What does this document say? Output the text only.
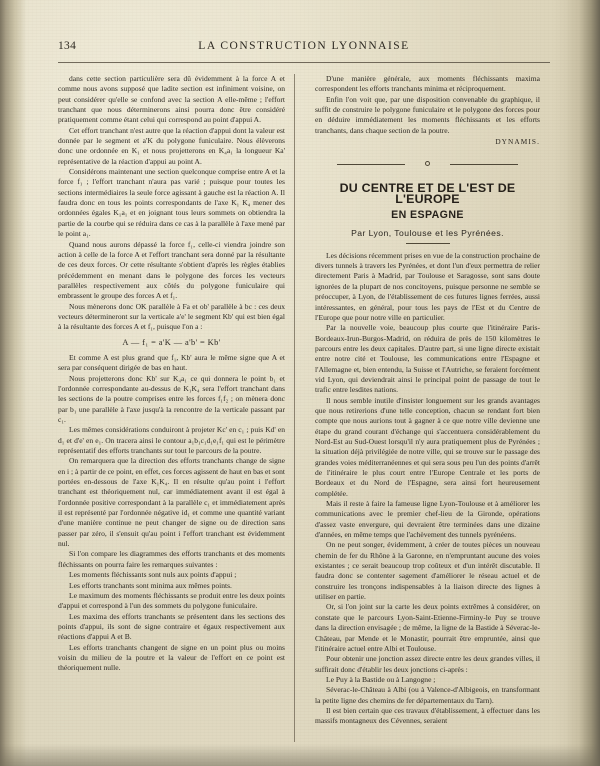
134	LA CONSTRUCTION LYONNAISE

dans cette section particulière sera dû évidemment à la force A et comme nous avons supposé que ladite section est infiniment voisine, on peut considérer qu'elle se confond avec la section A elle-même ; l'effort tranchant que nous déterminerons ainsi pourra donc être considéré pratiquement comme étant celui qui correspond au point d'appui A.

Cet effort tranchant n'est autre que la réaction d'appui dont la valeur est donnée par le segment et a'K du polygone funiculaire. Nous élèverons donc une ordonnée en K₁ et nous projetterons en K₄a₁ la longueur Ka' représentative de la réaction d'appui au point A.

Considérons maintenant une section quelconque comprise entre A et la force f₁ ; l'effort tranchant n'aura pas varié ; puisque pour toutes les sections intermédiaires la seule force agissant à gauche est la réaction A. Il faudra donc en tous les points correspondants de l'axe K₁ K₄ mener des ordonnées égales K₁a₁ et en joignant tous leurs sommets on obtiendra la partie de la courbe qui se réduira dans ce cas à la parallèle à l'axe mené par le point a₁.

Quand nous aurons dépassé la force f₁, celle-ci viendra joindre son action à celle de la force A et l'effort tranchant sera donné par la résultante de ces deux forces. Or cette résultante s'obtient d'après les règles établies précédemment en menant dans le polygone des forces les vecteurs parallèles respectivement aux côtés du polygone funiculaire qui embrassent le groupe des forces A et f₁.

Nous mènerons donc OK parallèle à Fa et ob' parallèle à bc : ces deux vecteurs détermineront sur la verticale a'e' le segment Kb' qui est bien égal à la résultante des forces A et f₁, puisque l'on a :

A — f₁ = a'K — a'b' = Kb'

Et comme A est plus grand que f₁, Kb' aura le même signe que A et sera par conséquent dirigée de bas en haut.

Nous projetterons donc Kb' sur K₄a₁ ce qui donnera le point b₁ et l'ordonnée correspondante au-dessus de K₁K₄ sera l'effort tranchant dans les sections de la poutre comprises entre les forces f₁f₂ ; on mènera donc par b₁ une parallèle à l'axe jusqu'à la rencontre de la verticale passant par c₁.

Les mêmes considérations conduiront à projeter Kc' en c₁ ; puis Kd' en d₁ et d'e' en e₁. On tracera ainsi le contour a₁b₁c₁d₁e₁f₁ qui est le périmètre représentatif des efforts tranchants sur tout le parcours de la poutre.

On remarquera que la direction des efforts tranchants change de signe en i ; à partir de ce point, en effet, ces forces agissent de haut en bas et sont portées en-dessous de l'axe K₁K₄. Il en résulte qu'au point i l'effort tranchant est théoriquement nul, car immédiatement avant il est égal à l'ordonnée positive correspondant à la parallèle c₁ et immédiatement après il est représenté par l'ordonnée négative id₁ et comme une quantité variant d'une manière continue ne peut changer de signe ou de direction sans passer par zéro, il s'ensuit qu'au point i l'effort tranchant est évidemment nul.

Si l'on compare les diagrammes des efforts tranchants et des moments fléchissants on pourra faire les remarques suivantes :

Les moments fléchissants sont nuls aux points d'appui ;

Les efforts tranchants sont minima aux mêmes points.

Le maximum des moments fléchissants se produit entre les deux points d'appui et correspond à l'un des sommets du polygone funiculaire.

Les maxima des efforts tranchants se présentent dans les sections des points d'appui, ils sont de signe contraire et égaux respectivement aux réactions d'appui A et B.

Les efforts tranchants changent de signe en un point plus ou moins voisin du milieu de la poutre et la valeur de l'effort en ce point est théoriquement nulle.

D'une manière générale, aux moments fléchissants maxima correspondent les efforts tranchants minima et réciproquement.

Enfin l'on voit que, par une disposition convenable du graphique, il suffit de construire le polygone funiculaire et le polygone des forces pour en déduire immédiatement les moments fléchissants et les efforts tranchants, dans chaque section de la poutre.

DYNAMIS.

DU CENTRE ET DE L'EST DE L'EUROPE

EN ESPAGNE

Par Lyon, Toulouse et les Pyrénées.

Les décisions récemment prises en vue de la construction prochaine de divers tunnels à travers les Pyrénées, et dont l'un d'eux permettra de relier directement Paris à Madrid, par Toulouse et Saragosse, sont sans doute ignorées de la plupart de nos concitoyens, puisque personne ne semble se préoccuper, à Lyon, de l'établissement de ces futures lignes ferrées, aussi intéressantes, en général, pour tous les pays de l'Est et du Centre de l'Europe que pour notre ville en particulier.

Par la nouvelle voie, beaucoup plus courte que l'itinéraire Paris-Bordeaux-Irun-Burgos-Madrid, on réduira de près de 150 kilomètres le parcours entre les deux capitales. D'autre part, si une ligne directe existait entre notre cité et Toulouse, les communications entre l'Espagne et l'Allemagne et, bien entendu, la Suisse et l'Autriche, se feraient forcément vid Lyon, qui deviendrait ainsi le principal point de passage de tout le trafic entre lesdites nations.

Il nous semble inutile d'insister longuement sur les grands avantages que nous retirerions d'une telle conception, chacun se rendant fort bien compte que nous aurions tout à gagner à ce que notre ville devienne une étape du grand courant d'échange qui s'accentuera considérablement du Nord-Est au Sud-Ouest lorsqu'il n'y aura pratiquement plus de Pyrénées ; la situation déjà privilégiée de notre ville, qui se trouve sur le passage des grandes voies méditerranéennes et qui sera sous peu l'un des points d'arrêt de l'itinéraire le plus court entre l'Europe Centrale et les ports de Bordeaux et du Nord de l'Espagne, sera ainsi fort heureusement complétée.

Mais il reste à faire la fameuse ligne Lyon-Toulouse et à améliorer les communications avec le premier chef-lieu de la Gironde, opérations d'assez vaste envergure, qui devraient être terminées dans une dizaine d'années, en même temps que l'achèvement des tunnels pyrénéens.

On ne peut songer, évidemment, à créer de toutes pièces un nouveau chemin de fer du Rhône à la Garonne, en n'empruntant aucune des voies existantes ; ce serait beaucoup trop coûteux et d'un intérêt discutable. Il faudra donc se contenter sagement d'améliorer le réseau actuel et de construire les tronçons indispensables à la liaison directe des lignes à utiliser en partie.

Or, si l'on joint sur la carte les deux points extrêmes à considérer, on constate que le parcours Lyon-Saint-Etienne-Firminy-le Puy se trouve dans la direction envisagée ; de même, la ligne de la Bastide à Séverac-le-Château, par Mende et le Monastir, pourrait être empruntée, ainsi que l'itinéraire actuel entre Albi et Toulouse.

Pour obtenir une jonction assez directe entre les deux grandes villes, il suffirait donc d'établir les deux jonctions ci-après :

Le Puy à la Bastide ou à Langogne ;

Séverac-le-Château à Albi (ou à Valence-d'Albigeois, en transformant la petite ligne des chemins de fer départementaux du Tarn).

Il est bien certain que ces travaux d'établissement, à effectuer dans les massifs montagneux des Cévennes, seraient
